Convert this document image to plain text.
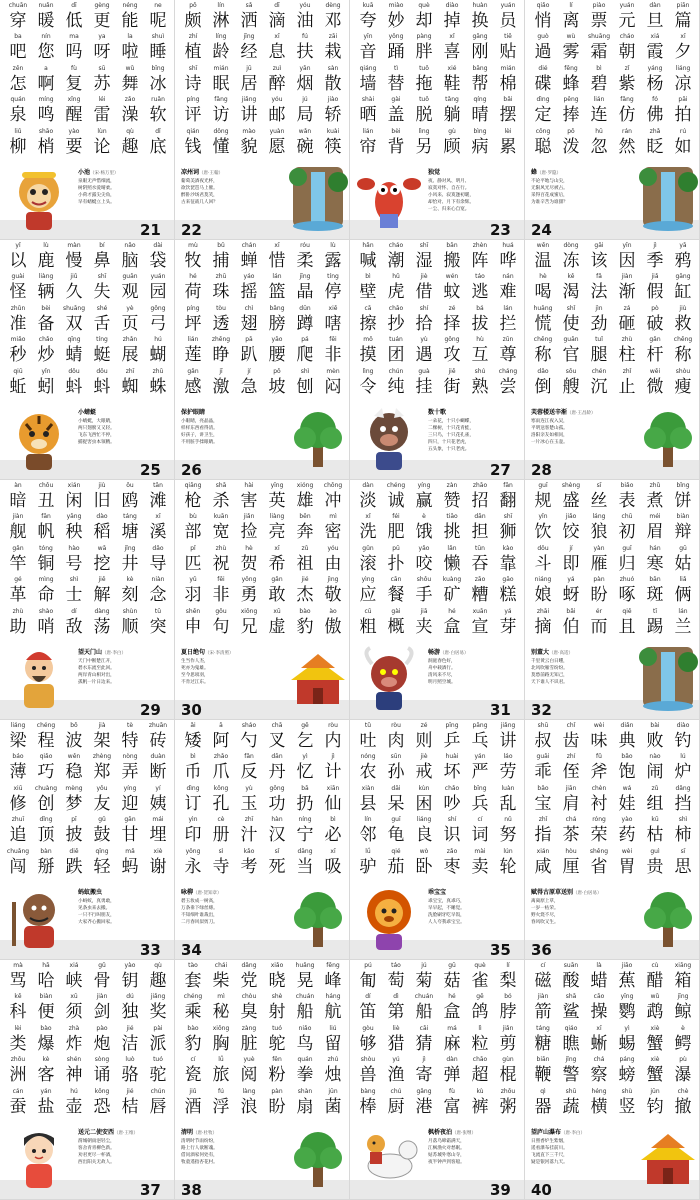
chuān
穿
nuǎn
暖
dī
低
gèng
更
néng
能
ne
呢
ba
吧
nín
您
ma
吗
ya
呀
la
啦
shuì
睡
zěn
怎
a
啊
fù
复
sū
苏
wǔ
舞
bīng
冰
quán
泉
míng
鸣
xǐng
醒
léi
雷
zǎo
澡
ruǎn
软
liǔ
柳
shāo
梢
yào
要
lùn
论
qù
趣
dǐ
底
小池（宋·杨万里）
泉眼无声惜细流，
树阴照水爱晴柔。
小荷才露尖尖角，
早有蜻蜓立上头。
21
pō
颇
lín
淋
sǎ
洒
dī
滴
yóu
油
dèng
邓
zhí
植
líng
龄
jīng
经
xī
息
fú
扶
zāi
栽
shī
诗
mián
眠
jū
居
zuì
醉
yān
烟
sàn
散
píng
评
fǎng
访
jiǎng
讲
yóu
邮
jú
局
jiào
轿
qián
钱
dǒng
懂
mào
貌
yuàn
愿
wǎn
碗
kuài
筷
凉州词（唐·王翰）
葡萄美酒夜光杯，
欲饮琵琶马上催。
醉卧沙场君莫笑，
古来征战几人回？
22
kuā
夸
miào
妙
què
却
diào
掉
huàn
换
yuán
员
yīn
音
yǒng
踊
pàng
胖
xǐ
喜
gāng
刚
tiē
贴
qiáng
墙
tì
替
tuō
拖
xié
鞋
bāng
帮
mián
棉
shài
晒
gài
盖
tuō
脱
tǎng
躺
qíng
晴
bǎi
摆
lián
帘
bèi
背
lìng
另
gù
顾
bìng
病
lèi
累
独觉
夜、静对风、明月、
寂寞对怀、自在行。
小风来、寂寞逢初暖，
却恰对、月下有余辉。
一尘、归来心自宽。
23
qiǎo
悄
lí
离
piào
票
yuán
元
dàn
旦
piān
篇
guò
過
wù
雾
shuāng
霜
cháo
朝
xiá
霞
xī
夕
dié
碟
fēng
蜂
bì
碧
zǐ
紫
yáng
杨
liáng
凉
dìng
定
pěng
捧
lián
连
fǎng
仿
fó
佛
pāi
拍
cōng
聪
pō
泼
hū
忽
rán
然
zhǎ
眨
rú
如
蜂（唐·罗隐）
不论平地与山尖，
无限风光尽被占。
采得百花成蜜后，
为谁辛苦为谁甜？
24
yǐ
以
lù
鹿
màn
慢
bí
鼻
nǎo
脑
dài
袋
guài
怪
liàng
辆
jiǔ
久
shī
失
guān
观
yuán
园
zhǔn
准
bèi
备
shuāng
双
shé
舌
yè
页
gōng
弓
miǎo
秒
chǎo
炒
qīng
蜻
tíng
蜓
zhǎn
展
hú
蝴
qiū
蚯
yǐn
蚓
dǒu
蚪
dǒu
蚪
zhī
蜘
zhū
蛛
小蜻蜓
小蜻蜓，大眼睛，
两只翅膀又又轻。
飞东飞西忙不停，
捕捉害虫本领精。
25
mù
牧
bǔ
捕
chán
蝉
xī
惜
róu
柔
lù
露
hé
荷
zhū
珠
yáo
摇
lán
篮
jīng
晶
tíng
停
píng
坪
tòu
透
chì
翅
bǎng
膀
dūn
蹲
xiē
嗐
lián
莲
zhēng
睁
pā
趴
yāo
腰
pá
爬
fēi
非
gǎn
感
jī
激
jí
急
pō
坡
shì
刨
mèn
闷
保护眼睛
小眼睛，亮晶晶，
样样东西看得清。
好孩子，讲卫生，
不用脏手揉眼睛。
26
hǎn
喊
cháo
潮
shī
湿
bān
搬
zhèn
阵
huá
哗
bì
壁
hǔ
虎
jiè
借
wén
蚊
táo
逃
nán
难
cā
擦
chāo
抄
shí
拾
zé
择
bá
拔
lán
拦
mō
摸
tuán
团
yù
遇
gōng
攻
hù
互
zūn
尊
lìng
令
chún
纯
guà
挂
jiē
街
shú
熟
cháng
尝
数十歌
一朵花，十只小蝴蝶，
二棵树，十只花青蛙，
三只鸟，十只花孔雀，
四只，十只花老虎，
五头象，十只老虎。
27
wēn
温
dòng
冻
gāi
该
yīn
因
jì
季
yā
鸦
hè
喝
kě
渴
fǎ
法
jiàn
渐
jiǎ
假
gāng
缸
huāng
慌
shǐ
使
jìn
劲
zá
砸
pò
破
jiù
救
chēng
称
guān
官
tuǐ
腿
zhù
柱
gǎn
杆
chēng
称
dǎo
倒
sōu
艘
chén
沉
zhǐ
止
wēi
微
shòu
瘦
芙蓉楼送辛渐（唐·王昌龄）
寒雨连江夜入吴，
平明送客楚山孤。
洛阳亲友如相问，
一片冰心在玉壶。
28
àn
暗
chǒu
丑
xián
闲
jiù
旧
ōu
鸥
tān
滩
jiàn
舰
fān
帆
yāng
秧
dào
稻
táng
塘
xī
溪
gǎn
竿
tóng
铜
hào
号
wā
挖
jǐng
井
dǎo
导
gé
革
mìng
命
shì
士
jiě
解
kè
刻
niàn
念
zhù
助
shào
哨
dí
敌
dàng
荡
shùn
顺
tū
突
望天门山（唐·李白）
天门中断楚江开，
碧水东流至此回。
两岸青山相对出，
孤帆一片日边来。
29
qiāng
枪
shā
杀
hài
害
yīng
英
xióng
雄
chōng
冲
bù
部
kuān
宽
jiǎn
捡
liàng
亮
bēn
奔
mì
密
pǐ
匹
zhù
祝
hè
贺
xī
希
zǔ
祖
yóu
由
yǔ
羽
fēi
非
yǒng
勇
gǎn
敢
jié
杰
jìng
敬
shēn
申
gōu
句
xiōng
兄
xū
虚
bào
豹
ào
傲
夏日绝句（宋·李清照）
生当作人杰，
死亦为鬼雄。
至今思项羽，
不肯过江东。
30
dàn
淡
chéng
诚
yíng
赢
zàn
赞
zhāo
招
fān
翻
xǐ
洗
féi
肥
è
饿
tiāo
挑
dān
担
shī
狮
gǔn
滚
pū
扑
yǎo
咬
lǎn
懒
tūn
吞
kào
靠
yìng
应
cān
餐
shǒu
手
kuàng
矿
zāo
糟
gāo
糕
cū
粗
gài
概
jiā
夹
hé
盒
xuān
宣
yá
芽
畅游（唐·白居易）
洞庭春色好，
舟中载酒行。
清风来不尽，
明月照空城。
31
guī
规
shèng
盛
sī
丝
biǎo
表
zhǔ
煮
bǐng
饼
yǐn
饮
jiǎo
饺
láng
狼
chū
初
méi
眉
biàn
辩
dǒu
斗
jí
即
yàn
雁
guī
归
hán
寒
gū
姑
niáng
娘
yá
蚜
pàn
盼
zhuó
啄
bān
斑
liǎ
俩
zhāi
摘
bǎi
伯
ér
而
qiě
且
tī
踢
lán
兰
别董大（唐·高适）
千里黄云白日曛，
北风吹雁雪纷纷。
莫愁前路无知己，
天下谁人不识君。
32
liáng
梁
chéng
程
bō
波
jià
架
tè
特
zhuān
砖
báo
薄
qiǎo
巧
wěn
稳
zhèng
郑
nòng
弄
duàn
断
xiū
修
chuàng
创
mèng
梦
yǒu
友
yíng
迎
yí
姨
zhuī
追
dǐng
顶
pī
披
gǔ
鼓
gān
甘
mái
埋
chuǎng
闯
bàn
掰
diē
跌
qīng
轻
mǎ
蚂
xiè
谢
蚂蚁搬虫
小蚂蚁，真勇敢，
见条虫来去搬。
一只不行叫朋友，
大家齐心搬回家。
33
ǎi
矮
ā
阿
sháo
勺
chā
叉
gē
乞
ròu
内
bì
币
zhǎo
爪
fǎn
反
dān
丹
yì
忆
jì
计
dìng
订
kǒng
孔
yù
玉
gōng
功
bā
扔
xiān
仙
yìn
印
cè
册
zhī
汁
hàn
汉
níng
宁
bì
必
yǒng
永
sì
寺
kǎo
考
sǐ
死
dāng
当
xī
吸
咏柳（唐·贺知章）
碧玉妆成一树高，
万条垂下绿丝绦。
不知细叶谁裁出，
二月春风似剪刀。
34
tǔ
吐
ròu
肉
zé
则
pīng
乒
pāng
乓
jiǎng
讲
nóng
农
sūn
孙
jiè
戒
huài
坏
yán
严
láo
劳
xiàn
县
dāi
呆
kùn
困
chǎo
吵
bīng
兵
luàn
乱
lín
邻
guī
龟
liáng
良
shí
识
cí
词
nǔ
努
lǘ
驴
qié
茄
wò
卧
zǎo
枣
mài
卖
lún
轮
乖宝宝
乖宝宝，真乖巧，
早早起，不睡觉。
洗脸刷牙吃早饭，
人人夸我乖宝宝。
35
shū
叔
chǐ
齿
wèi
味
diǎn
典
bài
败
diào
钓
guāi
乖
zhí
侄
fǔ
斧
bǎo
饱
nào
闹
lú
炉
bǎo
宝
jiān
肩
chèn
衬
wá
娃
zǔ
组
dǎng
挡
zhǐ
指
chá
茶
róng
荣
yào
药
kū
枯
shì
柿
xián
咸
hòu
厘
shěng
省
wèi
胃
guì
贵
sī
思
赋得古原草送别（唐·白居易）
离离原上草，
一岁一枯荣。
野火烧不尽，
春风吹又生。
36
mà
骂
hā
哈
xiá
峡
gǔ
骨
yào
钥
qù
趣
kē
科
biàn
便
xū
须
jiàn
剑
dú
独
jiǎng
奖
lèi
类
bào
爆
zhà
炸
pào
炮
jié
洁
pài
派
zhōu
洲
kè
客
shén
神
sòng
诵
luò
骆
tuó
驼
cán
蚕
yán
盐
hú
壶
kǒng
恐
jié
桔
chún
唇
送元二使安西（唐·王维）
渭城朝雨浥轻尘，
客舍青青柳色新。
劝君更尽一杯酒，
西出阳关无故人。
37
tào
套
chái
柴
dǎng
党
xiǎo
晓
huǎng
晃
fēng
峰
chéng
乘
mì
秘
chòu
臭
shè
射
chuán
船
háng
航
bào
豹
xiōng
胸
zàng
脏
tuó
鸵
niǎo
鸟
liú
留
cí
瓷
lǚ
旅
yuè
阅
fěn
粉
quán
拳
zhú
烛
jiǔ
酒
fú
浮
làng
浪
pàn
盼
shàn
扇
jūn
菌
清明（唐·杜牧）
清明时节雨纷纷，
路上行人欲断魂。
借问酒家何处有，
牧童遥指杏花村。
38
pú
匍
táo
萄
jú
菊
gū
菇
què
雀
lí
梨
dí
笛
dì
第
chuán
船
hé
盒
gē
鸽
bó
脖
gòu
够
liè
猎
cāi
猜
má
麻
lì
粒
jiǎn
剪
shòu
兽
yú
渔
jì
寄
dàn
弹
chāo
超
gùn
棍
bàng
棒
chú
厨
gǎng
港
fù
富
kù
裤
zhōu
粥
枫桥夜泊（唐·张继）
月落乌啼霜满天，
江枫渔火对愁眠。
姑苏城外寒山寺，
夜半钟声到客船。
39
cí
磁
suān
酸
là
蜡
jiāo
蕉
cù
醋
xiāng
箱
jiàn
箭
shā
鲨
cāo
操
yīng
鹦
wǔ
鹉
jīng
鲸
táng
糖
qiáo
瞧
xī
蜥
yì
蜴
xiè
蟹
è
鳄
biān
鞭
jǐng
警
chá
察
páng
螃
xiè
蟹
pù
瀑
qì
器
shū
蔬
héng
横
shù
竖
jūn
钧
chè
撤
望庐山瀑布（唐·李白）
日照香炉生紫烟，
遥看瀑布挂前川。
飞流直下三千尺，
疑是银河落九天。
40
